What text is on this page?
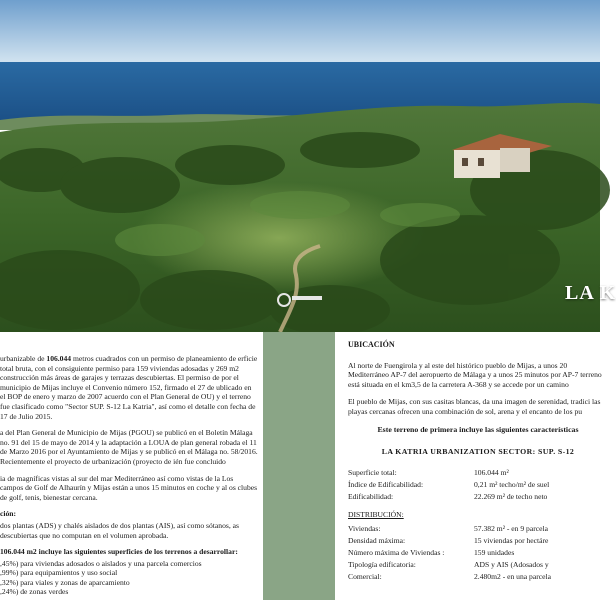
LA K

urbanizable de 106.044 metros cuadrados con un permiso de planeamiento de erficie total bruta, con el consiguiente permiso para 159 viviendas adosadas y 269 m2 construcción más áreas de garajes y terrazas descubiertas. El permiso de por el municipio de Mijas incluye el Convenio número 152, firmado el 27 de ublicado en el BOP de enero y marzo de 2007 acuerdo con el Plan General de OU) y el terreno fue clasificado como "Sector SUP. S-12 La Katria", así como el detalle con fecha de 17 de Julio 2015.

a del Plan General de Municipio de Mijas (PGOU) se publicó en el Boletín Málaga no. 91 del 15 de mayo de 2014 y la adaptación a LOUA de plan general robada el 11 de Marzo 2016 por el Ayuntamiento de Mijas y se publicó en el Málaga no. 58/2016. Recientemente el proyecto de urbanización (proyecto de ién fue concluido

ia de magníficas vistas al sur del mar Mediterráneo así como vistas de la Los campos de Golf de Alhaurín y Mijas están a unos 15 minutos en coche y al os clubes de golf, tenis, bienestar cercana.

ción:

dos plantas (ADS) y chalés aislados de dos plantas (AIS), así como sótanos, as descubiertas que no computan en el volumen aprobada.

106.044 m2 incluye las siguientes superficies de los terrenos a desarrollar:

,45%) para viviendas adosados o aislados y una parcela comercios
,99%) para equipamientos y uso social
,32%) para viales y zonas de aparcamiento
,24%) de zonas verdes
UBICACIÓN

Al norte de Fuengirola y al este del histórico pueblo de Mijas, a unos 20 Mediterráneo AP-7 del aeropuerto de Málaga y a unos 25 minutos por AP-7 terreno está situada en el km3,5 de la carretera A-368 y se accede por un camino

El pueblo de Mijas, con sus casitas blancas, da una imagen de serenidad, tradici las playas cercanas ofrecen una combinación de sol, arena y el encanto de los pu

Este terreno de primera incluye las siguientes características
LA KATRIA URBANIZATION SECTOR: SUP. S-12
Superficie total:	106.044 m²
Índice de Edificabilidad:	0,21 m² techo/m² de suel
Edificabilidad:	22.269 m² de techo neto
DISTRIBUCIÓN:
Viviendas:	57.382 m² - en 9 parcela
Densidad máxima:	15 viviendas por hectáre
Número máxima de Viviendas :	159 unidades
Tipología edificatoria:	ADS y AIS (Adosados y
Comercial:	2.480m2 - en una parcela
